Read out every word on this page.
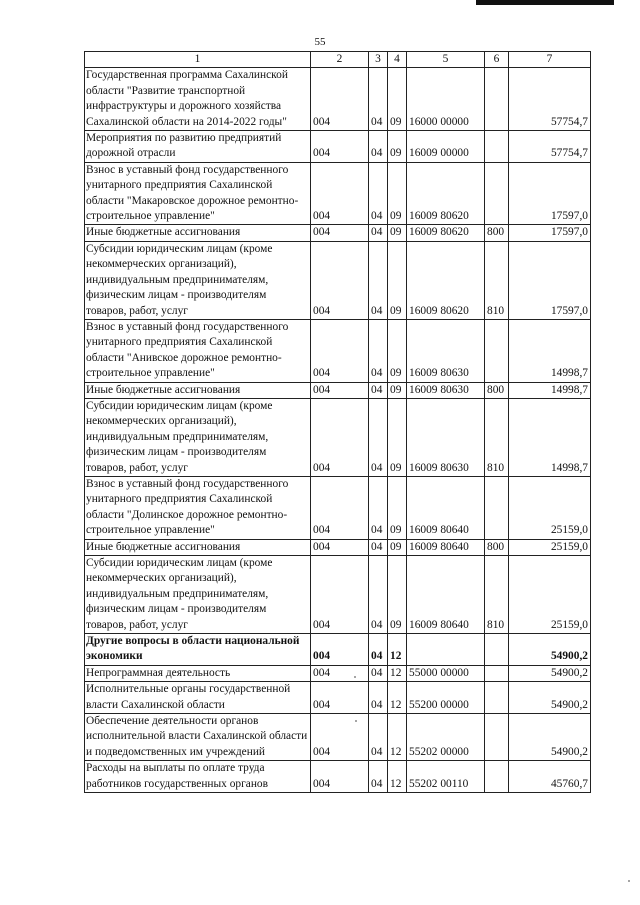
55
1	2	3	4	5	6	7
Государственная программа Сахалинской области "Развитие транспортной инфраструктуры и дорожного хозяйства Сахалинской области на 2014-2022 годы"	004	04	09	16000 00000		57754,7
Мероприятия по развитию предприятий дорожной отрасли	004	04	09	16009 00000		57754,7
Взнос в уставный фонд государственного унитарного предприятия Сахалинской области "Макаровское дорожное ремонтно-строительное управление"	004	04	09	16009 80620		17597,0
Иные бюджетные ассигнования	004	04	09	16009 80620	800	17597,0
Субсидии юридическим лицам (кроме некоммерческих организаций), индивидуальным предпринимателям, физическим лицам - производителям товаров, работ, услуг	004	04	09	16009 80620	810	17597,0
Взнос в уставный фонд государственного унитарного предприятия Сахалинской области "Анивское дорожное ремонтно-строительное управление"	004	04	09	16009 80630		14998,7
Иные бюджетные ассигнования	004	04	09	16009 80630	800	14998,7
Субсидии юридическим лицам (кроме некоммерческих организаций), индивидуальным предпринимателям, физическим лицам - производителям товаров, работ, услуг	004	04	09	16009 80630	810	14998,7
Взнос в уставный фонд государственного унитарного предприятия Сахалинской области "Долинское дорожное ремонтно-строительное управление"	004	04	09	16009 80640		25159,0
Иные бюджетные ассигнования	004	04	09	16009 80640	800	25159,0
Субсидии юридическим лицам (кроме некоммерческих организаций), индивидуальным предпринимателям, физическим лицам - производителям товаров, работ, услуг	004	04	09	16009 80640	810	25159,0
Другие вопросы в области национальной экономики	004	04	12			54900,2
Непрограммная деятельность	004	04	12	55000 00000		54900,2
Исполнительные органы государственной власти Сахалинской области	004	04	12	55200 00000		54900,2
Обеспечение деятельности органов исполнительной власти Сахалинской области и подведомственных им учреждений	004	04	12	55202 00000		54900,2
Расходы на выплаты по оплате труда работников государственных органов	004	04	12	55202 00110		45760,7
